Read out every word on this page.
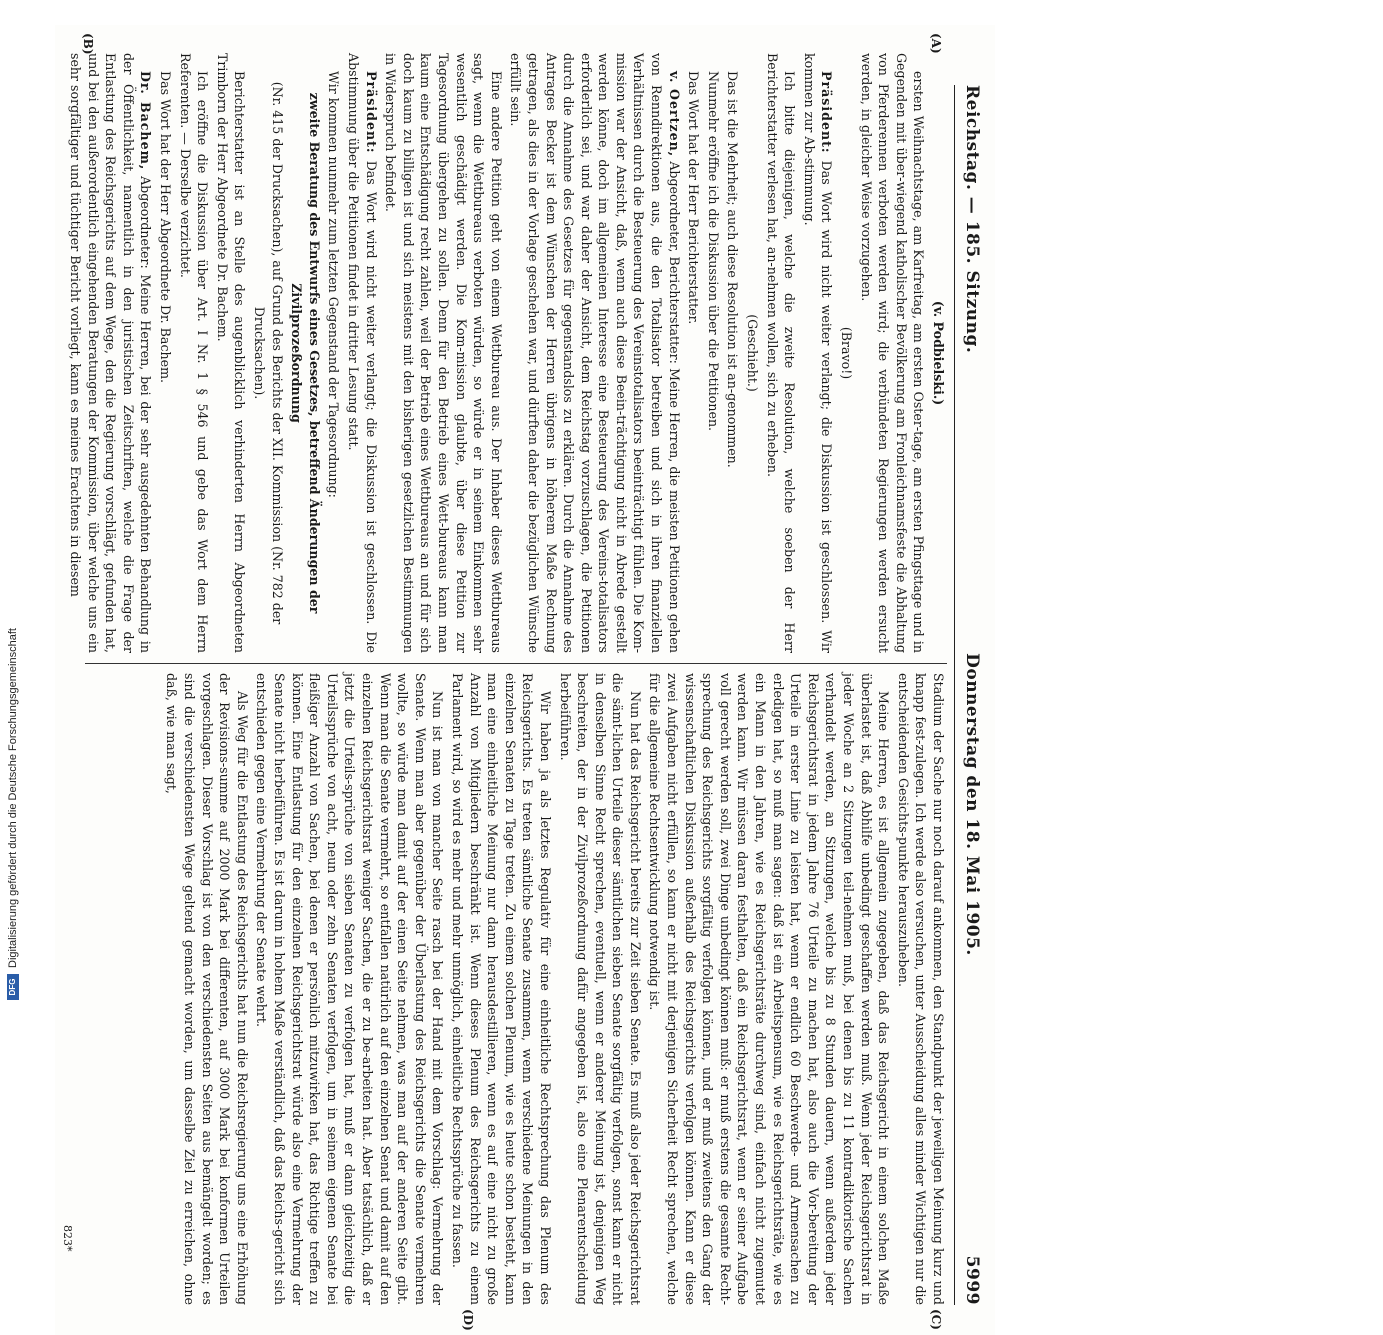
DFG
Digitalisierung gefördert durch die Deutsche Forschungsgemeinschaft
Reichstag. — 185. Sitzung.
Donnerstag den 18. Mai 1905.
5999
(A)
(B)
(C)
(D)

(v. Podbielski.)

ersten Weihnachtstage, am Karfreitag, am ersten Oster-tage, am ersten Pfingsttage und in Gegenden mit über-wiegend katholischer Bevölkerung am Fronleichnamsfeste die Abhaltung von Pferderennen verboten werden wird; die verbündeten Regierungen werden ersucht werden, in gleicher Weise vorzugehen.

(Bravo!)

Präsident: Das Wort wird nicht weiter verlangt; die Diskussion ist geschlossen. Wir kommen zur Ab-stimmung.

Ich bitte diejenigen, welche die zweite Resolution, welche soeben der Herr Berichterstatter verlesen hat, an-nehmen wollen, sich zu erheben.

(Geschieht.)

Das ist die Mehrheit; auch diese Resolution ist an-genommen.

Nunmehr eröffne ich die Diskussion über die Petitionen.

Das Wort hat der Herr Berichterstatter.

v. Oertzen, Abgeordneter, Berichterstatter: Meine Herren, die meisten Petitionen gehen von Renndirektionen aus, die den Totalisator betreiben und sich in ihren finanziellen Verhältnissen durch die Besteuerung des Vereinstotalisators beeinträchtigt fühlen. Die Kom-mission war der Ansicht, daß, wenn auch diese Beein-trächtigung nicht in Abrede gestellt werden könne, doch im allgemeinen Interesse eine Besteuerung des Vereins-totalisators erforderlich sei, und war daher der Ansicht, dem Reichstag vorzuschlagen, die Petitionen durch die Annahme des Gesetzes für gegenstandslos zu erklären. Durch die Annahme des Antrages Becker ist dem Wünschen der Herren übrigens in höherem Maße Rechnung getragen, als dies in der Vorlage geschehen war, und dürften daher die bezüglichen Wünsche erfüllt sein.

Eine andere Petition geht von einem Wettbureau aus. Der Inhaber dieses Wettbureaus sagt, wenn die Wettbureaus verboten würden, so würde er in seinem Einkommen sehr wesentlich geschädigt werden. Die Kom-mission glaubte, über diese Petition zur Tagesordnung übergehen zu sollen. Denn für den Betrieb eines Wett-bureaus kann man kaum eine Entschädigung recht zahlen, weil der Betrieb eines Wettbureaus an und für sich doch kaum zu billigen ist und sich meistens mit den bisherigen gesetzlichen Bestimmungen in Widerspruch befindet.

Präsident: Das Wort wird nicht weiter verlangt; die Diskussion ist geschlossen. Die Abstimmung über die Petitionen findet in dritter Lesung statt.

Wir kommen nunmehr zum letzten Gegenstand der Tagesordnung:

zweite Beratung des Entwurfs eines Gesetzes, betreffend Änderungen der Zivilprozeßordnung

(Nr. 415 der Drucksachen), auf Grund des Berichts der XII. Kommission (Nr. 782 der Drucksachen).

Berichterstatter ist an Stelle des augenblicklich verhinderten Herrn Abgeordneten Trimborn der Herr Abgeordnete Dr. Bachem.

Ich eröffne die Diskussion über Art. I Nr. 1 § 546 und gebe das Wort dem Herrn Referenten. — Derselbe verzichtet.

Das Wort hat der Herr Abgeordnete Dr. Bachem.

Dr. Bachem, Abgeordneter: Meine Herren, bei der sehr ausgedehnten Behandlung in der Öffentlichkeit, namentlich in den juristischen Zeitschriften, welche die Frage der Entlastung des Reichsgerichts auf dem Wege, den die Regierung vorschlägt, gefunden hat, und bei den außerordentlich eingehenden Beratungen der Kommission, über welche uns ein sehr sorgfältiger und tüchtiger Bericht vorliegt, kann es meines Erachtens in diesem

Stadium der Sache nur noch darauf ankommen, den Standpunkt der jeweiligen Meinung kurz und knapp fest-zulegen. Ich werde also versuchen, unter Ausscheidung alles minder Wichtigen nur die entscheidenden Gesichts-punkte herauszuheben.

Meine Herren, es ist allgemein zugegeben, daß das Reichsgericht in einem solchen Maße überlastet ist, daß Abhilfe unbedingt geschaffen werden muß. Wenn jeder Reichsgerichtsrat in jeder Woche an 2 Sitzungen teil-nehmen muß, bei denen bis zu 11 kontradiktorische Sachen verhandelt werden, an Sitzungen, welche bis zu 8 Stunden dauern, wenn außerdem jeder Reichsgerichtsrat in jedem Jahre 76 Urteile zu machen hat, also auch die Vor-bereitung der Urteile in erster Linie zu leisten hat, wenn er endlich 60 Beschwerde- und Armensachen zu erledigen hat, so muß man sagen: daß ist ein Arbeitspensum, wie es Reichsgerichtsräte, wie es ein Mann in den Jahren, wie es Reichsgerichtsräte durchweg sind, einfach nicht zugemutet werden kann. Wir müssen daran festhalten, daß ein Reichsgerichtsrat, wenn er seiner Aufgabe voll gerecht werden soll, zwei Dinge unbedingt können muß: er muß erstens die gesamte Recht-sprechung des Reichsgerichts sorgfältig verfolgen können, und er muß zweitens den Gang der wissenschaftlichen Diskussion außerhalb des Reichsgerichts verfolgen können. Kann er diese zwei Aufgaben nicht erfüllen, so kann er nicht mit derjenigen Sicherheit Recht sprechen, welche für die allgemeine Rechtsentwicklung notwendig ist.

Nun hat das Reichsgericht bereits zur Zeit sieben Senate. Es muß also jeder Reichsgerichtsrat die sämt-lichen Urteile dieser sämtlichen sieben Senate sorgfältig verfolgen, sonst kann er nicht in denselben Sinne Recht sprechen, eventuell, wenn er anderer Meinung ist, denjenigen Weg beschreiten, der in der Zivilprozeßordnung dafür angegeben ist, also eine Plenarentscheidung herbeiführen.

Wir haben ja als letztes Regulativ für eine einheitliche Rechtsprechung das Plenum des Reichsgerichts. Es treten sämtliche Senate zusammen, wenn verschiedene Meinungen in den einzelnen Senaten zu Tage treten. Zu einem solchen Plenum, wie es heute schon besteht, kann man eine einheitliche Meinung nur dann herausdestillieren, wenn es auf eine nicht zu große Anzahl von Mitgliedern beschränkt ist. Wenn dieses Plenum des Reichsgerichts zu einem Parlament wird, so wird es mehr und mehr unmöglich, einheitliche Rechtssprüche zu fassen.

Nun ist man von mancher Seite rasch bei der Hand mit dem Vorschlag: Vermehrung der Senate. Wenn man aber gegenüber der Überlastung des Reichsgerichts die Senate vermehren wollte, so würde man damit auf der einen Seite nehmen, was man auf der anderen Seite gibt. Wenn man die Senate vermehrt, so entfallen natürlich auf den einzelnen Senat und damit auf den einzelnen Reichsgerichtsrat weniger Sachen, die er zu be-arbeiten hat. Aber tatsächlich, daß er jetzt die Urteils-sprüche von sieben Senaten zu verfolgen hat, muß er dann gleichzeitig die Urteilssprüche von acht, neun oder zehn Senaten verfolgen, um in seinem eigenen Senate bei fleißiger Anzahl von Sachen, bei denen er persönlich mitzuwirken hat, das Richtige treffen zu können. Eine Entlastung für den einzelnen Reichsgerichtsrat würde also eine Vermehrung der Senate nicht herbeiführen. Es ist darum in hohem Maße verständlich, daß das Reichs-gericht sich entschieden gegen eine Vermehrung der Senate wehrt.

Als Weg für die Entlastung des Reichsgerichts hat nun die Reichsregierung uns eine Erhöhung der Revisions-summe auf 2000 Mark bei differenten, auf 3000 Mark bei konformen Urteilen vorgeschlagen. Dieser Vorschlag ist von den verschiedensten Seiten aus bemängelt worden; es sind die verschiedensten Wege geltend gemacht worden, um dasselbe Ziel zu erreichen, ohne daß, wie man sagt,

823*
